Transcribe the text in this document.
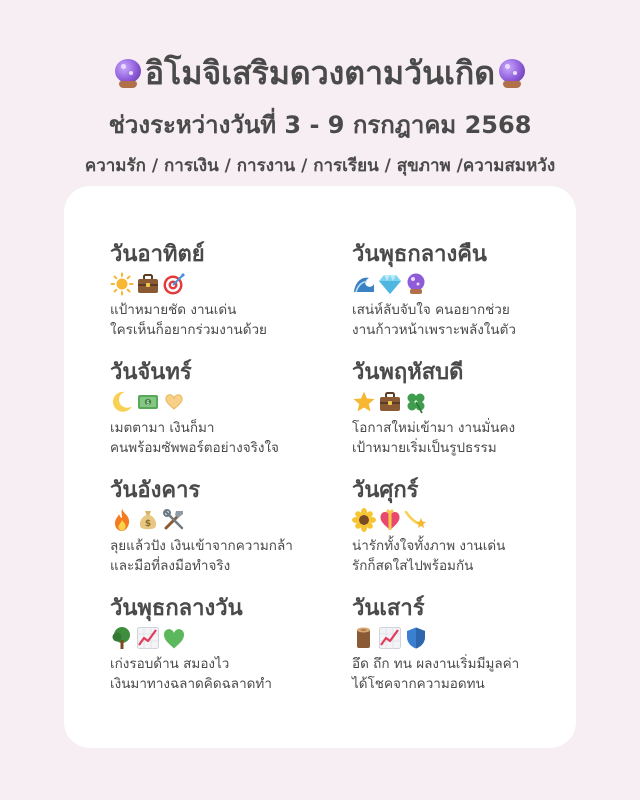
อิโมจิเสริมดวงตามวันเกิด
ช่วงระหว่างวันที่ 3 - 9 กรกฎาคม 2568
ความรัก / การเงิน / การงาน / การเรียน / สุขภาพ /ความสมหวัง
วันอาทิตย์
แป้าหมายชัด งานเด่น
ใครเห็นก็อยากร่วมงานด้วย
วันพุธกลางคืน
เสน่ห์ลับจับใจ คนอยากช่วย
งานก้าวหน้าเพราะพลังในตัว
วันจันทร์
$
เมตตามา เงินก็มา
คนพร้อมซัพพอร์ตอย่างจริงใจ
วันพฤหัสบดี
โอกาสใหม่เข้ามา งานมั่นคง
เป้าหมายเริ่มเป็นรูปธรรม
วันอังคาร
$
ลุยแล้วปัง เงินเข้าจากความกล้า
และมือที่ลงมือทำจริง
วันศุกร์
น่ารักทั้งใจทั้งภาพ งานเด่น
รักก็สดใสไปพร้อมกัน
วันพุธกลางวัน
เก่งรอบด้าน สมองไว
เงินมาทางฉลาดคิดฉลาดทำ
วันเสาร์
อึด ถึก ทน ผลงานเริ่มมีมูลค่า
ได้โชคจากความอดทน
